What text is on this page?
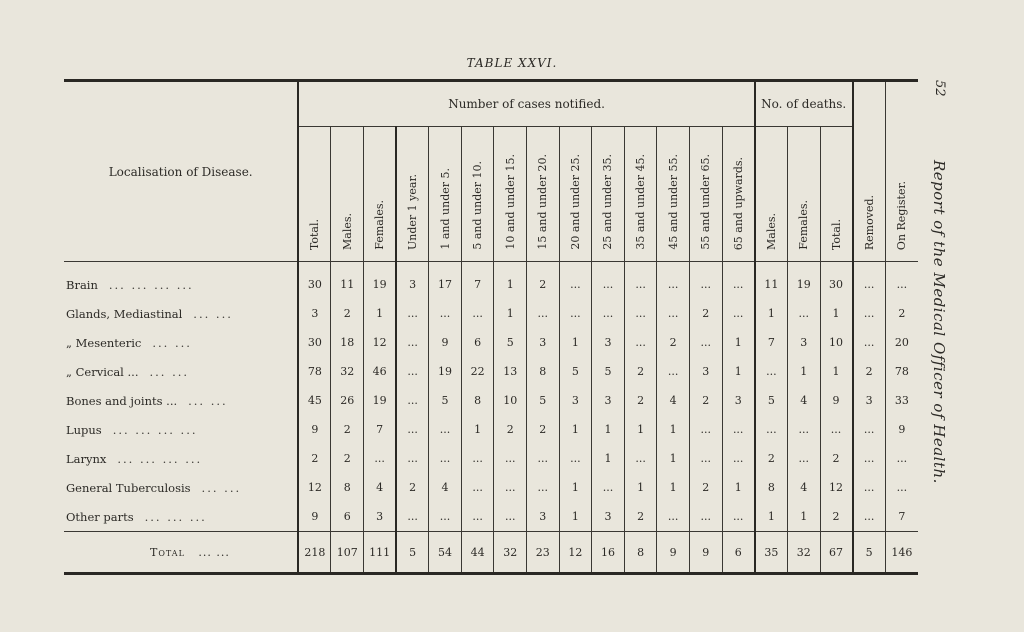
TABLE XXVI.
52
Report of the Medical Officer of Health.
Localisation of Disease.	Number of cases notified.														No. of deaths.			Removed.	On Register.
	Total.	Males.	Females.	Under 1 year.	1 and under 5.	5 and under 10.	10 and under 15.	15 and under 20.	20 and under 25.	25 and under 35.	35 and under 45.	45 and under 55.	55 and under 65.	65 and upwards.	Males.	Females.	Total.		
Brain ... ... ... ...	30	11	19	3	17	7	1	2	...	...	...	...	...	...	11	19	30	...	...
Glands, Mediastinal ... ...	3	2	1	...	...	...	1	...	...	...	...	...	2	...	1	...	1	...	2
„ Mesenteric ... ...	30	18	12	...	9	6	5	3	1	3	...	2	...	1	7	3	10	...	20
„ Cervical ... ... ...	78	32	46	...	19	22	13	8	5	5	2	...	3	1	...	1	1	2	78
Bones and joints ... ... ...	45	26	19	...	5	8	10	5	3	3	2	4	2	3	5	4	9	3	33
Lupus ... ... ... ...	9	2	7	...	...	1	2	2	1	1	1	1	...	...	...	...	...	...	9
Larynx ... ... ... ...	2	2	...	...	...	...	...	...	...	1	...	1	...	...	2	...	2	...	...
General Tuberculosis ... ...	12	8	4	2	4	...	...	...	1	...	1	1	2	1	8	4	12	...	...
Other parts ... ... ...	9	6	3	...	...	...	...	3	1	3	2	...	...	...	1	1	2	...	7
Total ... ...	218	107	111	5	54	44	32	23	12	16	8	9	9	6	35	32	67	5	146
